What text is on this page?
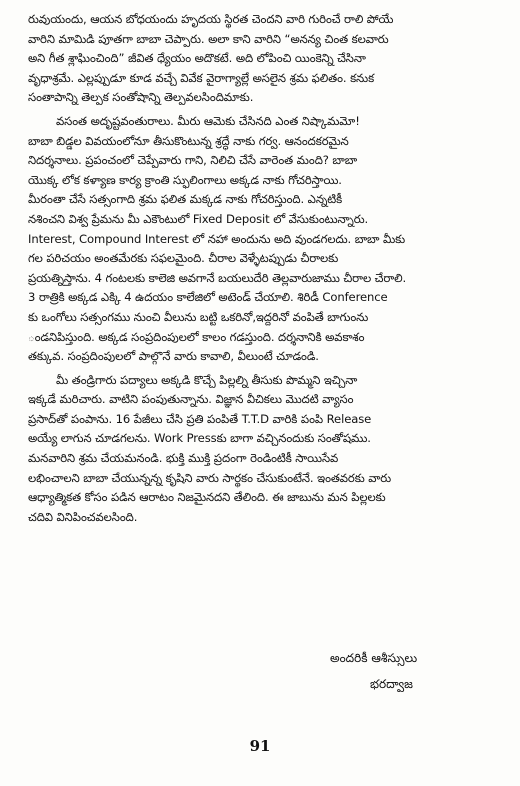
రువుయందు, ఆయన బోధయందు హృదయ స్థిరత చెందని వారి గురించే రాలి పోయే
వారిని మామిడి పూతగా బాబా చెప్పారు. అలా కాని వారిని “అనన్య చింత కలవారు
అని గీత శ్లాఘించింది” జీవిత ధ్యేయం అదొకటే. అది లోపించి యింకెన్ని చేసినా
వృధాశ్రమే. ఎల్లప్పుడూ కూడ వచ్చే వివేక వైరాగ్యాల్లే అసలైన శ్రమ ఫలితం. కనుక
సంతాపాన్ని తెల్పక సంతోషాన్ని తెల్పవలసిందిమాకు.
వసంత అదృష్టవంతురాలు. మీరు ఆమెకు చేసినది ఎంత నిష్కామమో!
బాబా బిడ్డల వివయంలోనూ తీసుకొంటున్న శ్రద్ధే నాకు గర్వ. ఆనందకరమైన
నిదర్శనాలు. ప్రపంచంలో చెప్పేవారు గాని, నిలిచి చేసే వారెంత మంది? బాబా
యొక్క లోక కళ్యాణ కార్య క్రాంతి స్ఫులింగాలు అక్కడ నాకు గోచరిస్తాయి.
మీరంతా చేసే సత్సంగాది శ్రమ ఫలిత మక్కడ నాకు గోచరిస్తుంది. ఎన్నటికీ
నశించని విశ్వ ప్రేమను మీ ఎకౌంటులో Fixed Deposit లో వేసుకుంటున్నారు.
Interest, Compound Interest లో నహా అందును అది వుండగలదు. బాబా మీకు
గల పరిచయం అంతమేరకు సఫలమైంది. చీరాల వెళ్ళేటప్పుడు చీరాలకు
ప్రయత్నిస్తాను. 4 గంటలకు కాలెజి అవగానే బయలుదేరి తెల్లవారుజాము చీరాల చేరాలి.
3 రాత్రికి అక్కడ ఎక్కి 4 ఉదయం కాలేజిలో అటెండ్ చేయాలి. శిరిడీ Conference
కు ఒంగోలు సత్సంగము నుంచి వీలును బట్టి ఒకరినో,ఇద్దరినో వంపితే బాగుంను
ండనిపిస్తుంది. అక్కడ సంప్రదింపులలో కాలం గడస్తుంది. దర్శనానికి అవకాశం
తక్కువ. సంప్రదింపులలో పాల్గొనే వారు కావాలి, వీలుంటే చూడండి.
మీ తండ్రిగారు పద్యాలు అక్కడి కొచ్చే పిల్లల్ని తీసుకు పొమ్మని ఇచ్చినా
ఇక్కడే మరిచారు. వాటిని పంపుతున్నాను. విజ్ఞాన వీచికలు మొదటి వ్యాసం
ప్రసాద్‌తో పంపాను. 16 పేజీలు చేసి ప్రతి పంపితే T.T.D వారికి పంపి Release
అయ్యే లాగున చూడగలను. Work Pressకు బాగా వచ్చినందుకు సంతోషము.
మనవారిని శ్రమ చేయమనండి. భుక్తి ముక్తి ప్రదంగా రెండింటికీ సాయిసేవ
లభించాలని బాబా చేయున్నన్న కృషిని వారు సార్థకం చేసుకుంటేనే. ఇంతవరకు వారు
ఆధ్యాత్మికత కోసం పడిన ఆరాటం నిజమైనదని తేలింది. ఈ జాబును మన పిల్లలకు
చదివి వినిపించవలసింది.
అందరికీ ఆశీస్సులు
భరద్వాజ
91
